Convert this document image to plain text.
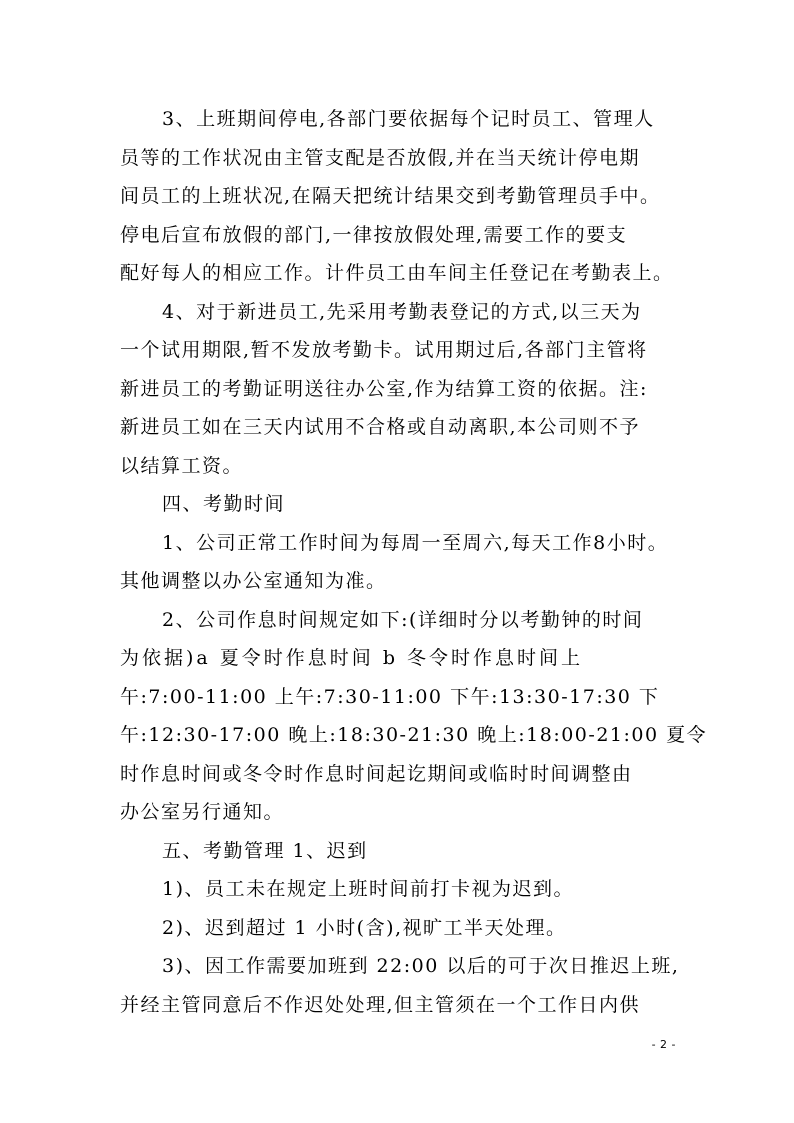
3、上班期间停电,各部门要依据每个记时员工、管理人
员等的工作状况由主管支配是否放假,并在当天统计停电期
间员工的上班状况,在隔天把统计结果交到考勤管理员手中。
停电后宣布放假的部门,一律按放假处理,需要工作的要支
配好每人的相应工作。计件员工由车间主任登记在考勤表上。
4、对于新进员工,先采用考勤表登记的方式,以三天为
一个试用期限,暂不发放考勤卡。试用期过后,各部门主管将
新进员工的考勤证明送往办公室,作为结算工资的依据。注:
新进员工如在三天内试用不合格或自动离职,本公司则不予
以结算工资。
四、考勤时间
1、公司正常工作时间为每周一至周六,每天工作8小时。
其他调整以办公室通知为准。
2、公司作息时间规定如下:(详细时分以考勤钟的时间
为依据)a 夏令时作息时间 b 冬令时作息时间上
午:7:00-11:00 上午:7:30-11:00 下午:13:30-17:30 下
午:12:30-17:00 晚上:18:30-21:30 晚上:18:00-21:00 夏令
时作息时间或冬令时作息时间起讫期间或临时时间调整由
办公室另行通知。
五、考勤管理 1、迟到
1)、员工未在规定上班时间前打卡视为迟到。
2)、迟到超过 1 小时(含),视旷工半天处理。
3)、因工作需要加班到 22:00 以后的可于次日推迟上班,
并经主管同意后不作迟处处理,但主管须在一个工作日内供
- 2 -
